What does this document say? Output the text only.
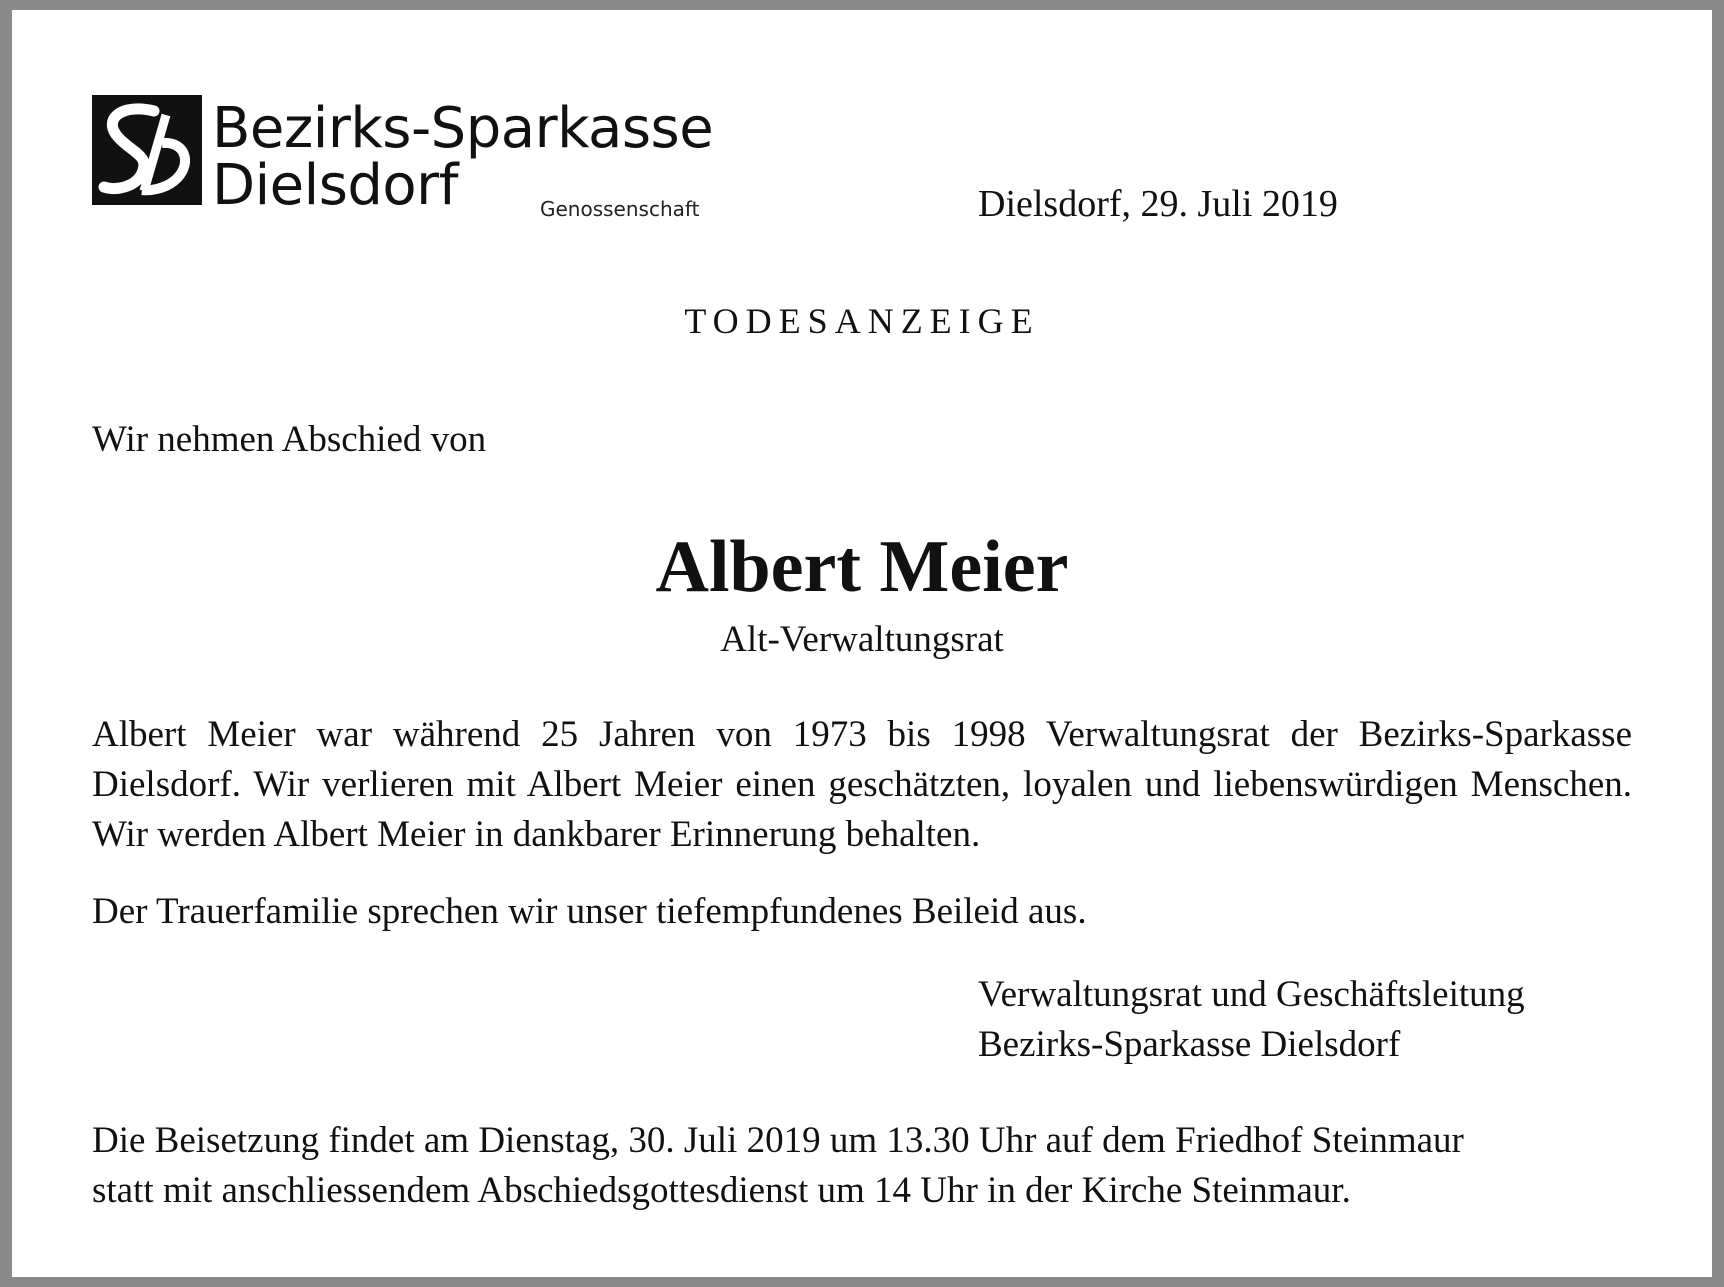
Bezirks-Sparkasse
Dielsdorf	Genossenschaft	Dielsdorf, 29. Juli 2019
TODESANZEIGE
Wir nehmen Abschied von
Albert Meier
Alt-Verwaltungsrat
Albert Meier war während 25 Jahren von 1973 bis 1998 Verwaltungsrat der Bezirks-Sparkasse Dielsdorf. Wir verlieren mit Albert Meier einen geschätzten, loyalen und liebenswürdigen Menschen. Wir werden Albert Meier in dankbarer Erinnerung behalten.
Der Trauerfamilie sprechen wir unser tiefempfundenes Beileid aus.
Verwaltungsrat und Geschäftsleitung
Bezirks-Sparkasse Dielsdorf
Die Beisetzung findet am Dienstag, 30. Juli 2019 um 13.30 Uhr auf dem Friedhof Steinmaur
statt mit anschliessendem Abschiedsgottesdienst um 14 Uhr in der Kirche Steinmaur.
